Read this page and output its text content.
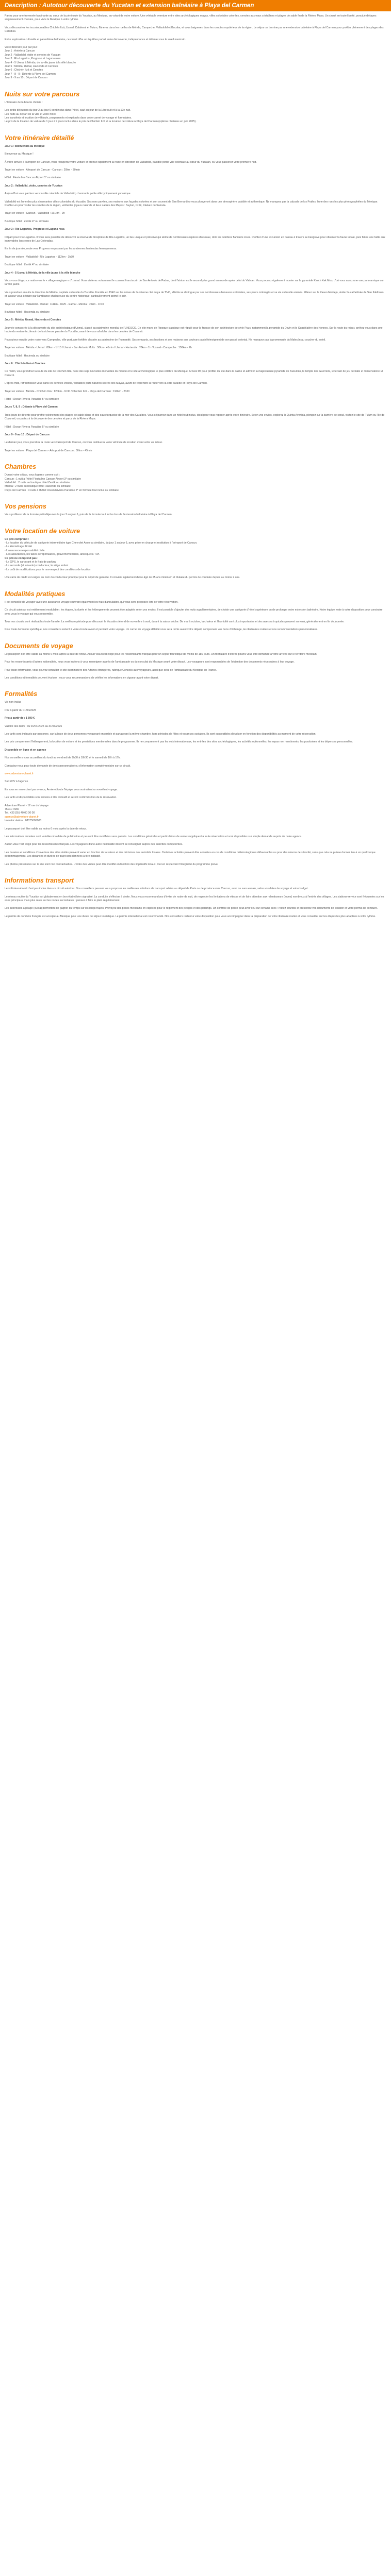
Description : Autotour découverte du Yucatan et extension balnéaire à Playa del Carmen

Partez pour une traversée fascinante au cœur de la péninsule du Yucatán, au Mexique, au volant de votre voiture. Une véritable aventure entre sites archéologiques mayas, villes coloniales colorées, cenotes aux eaux cristallines et plages de sable fin de la Riviera Maya. Un circuit en toute liberté, ponctué d'étapes soigneusement choisies, pour vivre le Mexique à votre rythme.

Vous découvrirez les incontournables Chichén Itzá, Uxmal, Calakmul et Tulum, flânerez dans les ruelles de Mérida, Campeche, Valladolid et Bacalar, et vous baignerez dans les cenotes mystérieux de la région. Le séjour se termine par une extension balnéaire à Playa del Carmen pour profiter pleinement des plages des Caraïbes.

Entre exploration culturelle et parenthèse balnéaire, ce circuit offre un équilibre parfait entre découverte, indépendance et détente sous le soleil mexicain.

Votre itinéraire jour par jour :
Jour 1 : Arrivée à Cancun
Jour 2 : Valladolid, visite et cenotes de Yucatan
Jour 3 : Río Lagartos, Progreso et Laguna rosa
Jour 4 - 5 Uxmal à Mérida, de la ville jaune à la ville blanche
Jour 5 : Mérida, Uxmal, Hacienda et Cenotes
Jour 6 : Chichén Itzá et Cenotes
Jour 7 - 8 - 9 : Detente à Playa del Carmen
Jour 9 - 9 au 10 : Départ de Cancun
Nuits sur votre parcours

L'itinéraire de la boucle choisie :

Les petits déjeuners du jour 2 au jour 6 sont inclus dans l'hôtel, sauf au jour de la 1ère nuit et à la 10e nuit.
Les nuits au départ de la ville et votre hôtel.
Les transferts et location de véhicule, programmés et expliqués dans votre carnet de voyage et formulaires.
Le prix de la location de voiture de 1 jour à 9 jours inclus dans le prix de Chichén Itzá et la location de voiture à Playa del Carmen (options réalisées en juin 2025).
Votre itinéraire détaillé

Jour 1 : Bienvenida au Mexique

Bienvenue au Mexique !

À votre arrivée à l'aéroport de Cancun, vous récupérez votre voiture et prenez rapidement la route en direction de Valladolid, paisible petite ville coloniale au cœur du Yucatán, où vous passerez votre première nuit.

Trajet en voiture : Aéroport de Cancun - Cancun : 20km - 30min

Hôtel : Fiesta Inn Cancun Airport 3* ou similaire

Jour 2 : Valladolid, visite, cenotes de Yucatan

Aujourd'hui vous partirez vers la ville coloniale de Valladolid, charmante petite ville typiquement yucatèque.

Valladolid est l'une des plus charmantes villes coloniales du Yucatán. Ses rues pavées, ses maisons aux façades colorées et son couvent de San Bernardino vous plongeront dans une atmosphère paisible et authentique. Ne manquez pas la calzada de los Frailes, l'une des rues les plus photographiées du Mexique. Profitez-en pour visiter les cenotes de la région, véritables joyaux naturels et lieux sacrés des Mayas : Suytun, Ik Kil, Xkeken ou Samula.

Trajet en voiture : Cancun - Valladolid : 161km - 2h

Boutique hôtel : Zentik 4* ou similaire

Jour 3 : Río Lagartos, Progreso et Laguna rosa

Départ pour Río Lagartos. Il vous sera possible de découvrir la réserve de biosphère de Ría Lagartos, un lieu unique et préservé qui abrite de nombreuses espèces d'oiseaux, dont les célèbres flamants roses. Profitez d'une excursion en bateau à travers la mangrove pour observer la faune locale, puis faites une halte aux incroyables lacs roses de Las Coloradas.

En fin de journée, route vers Progreso en passant par les anciennes haciendas henequeneras.

Trajet en voiture : Valladolid - Río Lagartos - 112km - 1h30

Boutique hôtel : Zentik 4* ou similaire

Jour 4 - 5 Uxmal à Mérida, de la ville jaune à la ville blanche

Vous vous dirigez ce matin vers le « village magique » d'Izamal. Vous visiterez notamment le couvent franciscain de San Antonio de Padua, dont l'atrium est le second plus grand au monde après celui du Vatican. Vous pourrez également monter sur la pyramide Kinich Kak Moo, d'où vous aurez une vue panoramique sur la ville jaune.

Vous prendrez ensuite la direction de Mérida, capitale culturelle du Yucatán. Fondée en 1542 sur les ruines de l'ancienne cité maya de T'Hó, Mérida se distingue par ses nombreuses demeures coloniales, ses parcs ombragés et sa vie culturelle animée. Flânez sur le Paseo Montejo, visitez la cathédrale de San Ildefonso et laissez-vous séduire par l'ambiance chaleureuse du centre historique, particulièrement animé le soir.

Trajet en voiture : Valladolid - Izamal : 111km - 1h25 - Izamal - Mérida : 70km - 1h10

Boutique hôtel : Hacienda ou similaire

Jour 5 : Mérida, Uxmal, Hacienda et Cenotes

Journée consacrée à la découverte du site archéologique d'Uxmal, classé au patrimoine mondial de l'UNESCO. Ce site maya de l'époque classique est réputé pour la finesse de son architecture de style Puuc, notamment la pyramide du Devin et le Quadrilatère des Nonnes. Sur la route du retour, arrêtez-vous dans une hacienda restaurée, témoin de la richesse passée du Yucatán, avant de vous rafraîchir dans les cenotes de Cuzamá.

Poursuivez ensuite votre route vers Campeche, ville portuaire fortifiée classée au patrimoine de l'humanité. Ses remparts, ses bastions et ses maisons aux couleurs pastel témoignent de son passé colonial. Ne manquez pas la promenade du Malecón au coucher du soleil.

Trajet en voiture : Mérida - Uxmal : 80km - 1h15 / Uxmal - San Antonio Mulix : 50km - 45min / Uxmal - Hacienda : 70km - 1h / Uxmal - Campeche : 150km - 2h

Boutique hôtel : Hacienda ou similaire

Jour 6 : Chichén Itzá et Cenotes

Ce matin, vous prendrez la route du site de Chichén Itzá, l'une des sept nouvelles merveilles du monde et le site archéologique le plus célèbre du Mexique. Arrivez tôt pour profiter du site dans le calme et admirer la majestueuse pyramide de Kukulcán, le temple des Guerriers, le terrain de jeu de balle et l'observatoire El Caracol.

L'après-midi, rafraîchissez-vous dans les cenotes voisins, véritables puits naturels sacrés des Mayas, avant de reprendre la route vers la côte caraïbe et Playa del Carmen.

Trajet en voiture : Mérida - Chichén Itzá : 120km - 1h30 / Chichén Itzá - Playa del Carmen : 190km - 2h30

Hôtel : Ocean Riviera Paradise 5* ou similaire

Jours 7, 8, 9 : Détente à Playa del Carmen

Trois jours de détente pour profiter pleinement des plages de sable blanc et des eaux turquoise de la mer des Caraïbes. Vous séjournez dans un hôtel tout inclus, idéal pour vous reposer après votre itinéraire. Selon vos envies, explorez la Quinta Avenida, plongez sur la barrière de corail, visitez le site de Tulum ou l'île de Cozumel, ou partez à la découverte des cenotes et parcs de la Riviera Maya.

Hôtel : Ocean Riviera Paradise 5* ou similaire

Jour 9 - 9 au 10 : Départ de Cancun

Le dernier jour, vous prendrez la route vers l'aéroport de Cancun, où vous restituerez votre véhicule de location avant votre vol retour.

Trajet en voiture : Playa del Carmen - Aéroport de Cancun : 50km - 45min

Chambres
Durant votre séjour, vous logerez comme suit :
Cancun : 1 nuit à l'hôtel Fiesta Inn Cancun Airport 3* ou similaire
Valladolid : 2 nuits au boutique hôtel Zentik ou similaire
Mérida : 2 nuits au boutique hôtel Hacienda ou similaire
Playa del Carmen : 3 nuits à l'hôtel Ocean Riviera Paradise 5* en formule tout inclus ou similaire
Vos pensions

Vous profiterez de la formule petit-déjeuner du jour 2 au jour 6, puis de la formule tout inclus lors de l'extension balnéaire à Playa del Carmen.

Votre location de voiture
Ce prix comprend :
- La location du véhicule de catégorie intermédiaire type Chevrolet Aveo ou similaire, du jour 1 au jour 6, avec prise en charge et restitution à l'aéroport de Cancun.
- Le kilométrage illimité
- L'assurance responsabilité civile
- Les assurances, les taxes aéroportuaires, gouvernementales, ainsi que la TVA
Ce prix ne comprend pas :
- Le GPS, le carburant et le frais de parking
- La seconde (et suivants) conducteur, le siège enfant
- Le coût de modifications pour le non-respect des conditions de location

Une carte de crédit est exigée au nom du conducteur principal pour le dépôt de garantie. Il convient également d'être âgé de 25 ans minimum et titulaire du permis de conduire depuis au moins 2 ans.

Modalités pratiques

Il est conseillé de voyager avec une assurance voyage couvrant également les frais d'annulation, qui vous sera proposée lors de votre réservation.

Ce circuit autotour est entièrement modulable : les étapes, la durée et les hébergements peuvent être adaptés selon vos envies. Il est possible d'ajouter des nuits supplémentaires, de choisir une catégorie d'hôtel supérieure ou de prolonger votre extension balnéaire. Notre équipe reste à votre disposition pour construire avec vous le voyage qui vous ressemble.

Tous nos circuits sont réalisables toute l'année. La meilleure période pour découvrir le Yucatán s'étend de novembre à avril, durant la saison sèche. De mai à octobre, la chaleur et l'humidité sont plus importantes et des averses tropicales peuvent survenir, généralement en fin de journée.

Pour toute demande spécifique, nos conseillers restent à votre écoute avant et pendant votre voyage. Un carnet de voyage détaillé vous sera remis avant votre départ, comprenant vos bons d'échange, les itinéraires routiers et nos recommandations personnalisées.

Documents de voyage

Le passeport doit être valide au moins 6 mois après la date de retour. Aucun visa n'est exigé pour les ressortissants français pour un séjour touristique de moins de 180 jours. Un formulaire d'entrée pourra vous être demandé à votre arrivée sur le territoire mexicain.

Pour les ressortissants d'autres nationalités, nous vous invitons à vous renseigner auprès de l'ambassade ou du consulat du Mexique avant votre départ. Les voyageurs sont responsables de l'obtention des documents nécessaires à leur voyage.

Pour toute information, vous pouvez consulter le site du ministère des Affaires étrangères, rubrique Conseils aux voyageurs, ainsi que celui de l'ambassade du Mexique en France.

Les conditions et formalités peuvent évoluer ; nous vous recommandons de vérifier les informations en vigueur avant votre départ.

Formalités

Vol non inclus

Prix à partir du 01/04/2025

Prix à partir de : 1 590 €

Validité des tarifs : du 01/04/2025 au 31/03/2026

Les tarifs sont indiqués par personne, sur la base de deux personnes voyageant ensemble et partageant la même chambre, hors périodes de fêtes et vacances scolaires. Ils sont susceptibles d'évoluer en fonction des disponibilités au moment de votre réservation.

Les prix comprennent l'hébergement, la location de voiture et les prestations mentionnées dans le programme. Ils ne comprennent pas les vols internationaux, les entrées des sites archéologiques, les activités optionnelles, les repas non mentionnés, les pourboires et les dépenses personnelles.

Disponible en ligne et en agence

Nos conseillers vous accueillent du lundi au vendredi de 9h30 à 18h30 et le samedi de 10h à 17h.

Contactez-nous pour toute demande de devis personnalisé ou d'information complémentaire sur ce circuit.

www.adventure-planet.fr

Sur RDV à l'agence

En vous en remerciant par avance, Annie et toute l'équipe vous souhaitent un excellent voyage.

Les tarifs et disponibilités sont donnés à titre indicatif et seront confirmés lors de la réservation.

Adventure Planet - 12 rue du Voyage
75011 Paris
Tél. +33 (0)1 40 00 00 00
agence@adventure-planet.fr
Immatriculation : IM075000000

Le passeport doit être valide au moins 6 mois après la date de retour.

Les informations données sont valables à la date de publication et peuvent être modifiées sans préavis. Les conditions générales et particulières de vente s'appliquent à toute réservation et sont disponibles sur simple demande auprès de notre agence.

Aucun visa n'est exigé pour les ressortissants français. Les voyageurs d'une autre nationalité doivent se renseigner auprès des autorités compétentes.

Les horaires et conditions d'ouverture des sites visités peuvent varier en fonction de la saison et des décisions des autorités locales. Certaines activités peuvent être annulées en cas de conditions météorologiques défavorables ou pour des raisons de sécurité, sans que cela ne puisse donner lieu à un quelconque dédommagement. Les distances et durées de trajet sont données à titre indicatif.

Les photos présentées sur le site sont non contractuelles. L'ordre des visites peut être modifié en fonction des impératifs locaux, tout en respectant l'intégralité du programme prévu.

Informations transport

Le vol international n'est pas inclus dans ce circuit autotour. Nos conseillers peuvent vous proposer les meilleures solutions de transport aérien au départ de Paris ou de province vers Cancun, avec ou sans escale, selon vos dates de voyage et votre budget.

Le réseau routier du Yucatán est globalement en bon état et bien signalisé. La conduite s'effectue à droite. Nous vous recommandons d'éviter de rouler de nuit, de respecter les limitations de vitesse et de faire attention aux ralentisseurs (topes) nombreux à l'entrée des villages. Les stations-service sont fréquentes sur les axes principaux mais plus rares sur les routes secondaires : pensez à faire le plein régulièrement.

Les autoroutes à péage (cuota) permettent de gagner du temps sur les longs trajets. Prévoyez des pesos mexicains en espèces pour le règlement des péages et des parkings. Un contrôle de police peut avoir lieu sur certains axes : restez courtois et présentez vos documents de location et votre permis de conduire.

Le permis de conduire français est accepté au Mexique pour une durée de séjour touristique. Le permis international est recommandé. Nos conseillers restent à votre disposition pour vous accompagner dans la préparation de votre itinéraire routier et vous conseiller sur les étapes les plus adaptées à votre rythme.
